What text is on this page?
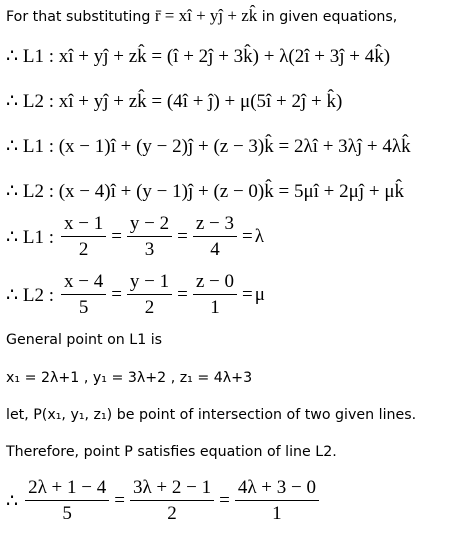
For that substituting r̄ = xî + yĵ + zk̂ in given equations,
∴ L1 : xî + yĵ + zk̂ = (î + 2ĵ + 3k̂) + λ(2î + 3ĵ + 4k̂)
∴ L2 : xî + yĵ + zk̂ = (4î + ĵ) + μ(5î + 2ĵ + k̂)
∴ L1 : (x − 1)î + (y − 2)ĵ + (z − 3)k̂ = 2λî + 3λĵ + 4λk̂
∴ L2 : (x − 4)î + (y − 1)ĵ + (z − 0)k̂ = 5μî + 2μĵ + μk̂
∴ L1 : $\frac{x - 1}{2} = \frac{y - 2}{3} = \frac{z - 3}{4} = \lambda$
∴ L2 : $\frac{x - 4}{5} = \frac{y - 1}{2} = \frac{z - 0}{1} = \mu$
General point on L1 is
x₁ = 2λ+1 , y₁ = 3λ+2 , z₁ = 4λ+3
let, P(x₁, y₁, z₁) be point of intersection of two given lines.
Therefore, point P satisfies equation of line L2.
∴ $\frac{2\lambda + 1 - 4}{5} = \frac{3\lambda + 2 - 1}{2} = \frac{4\lambda + 3 - 0}{1}$
